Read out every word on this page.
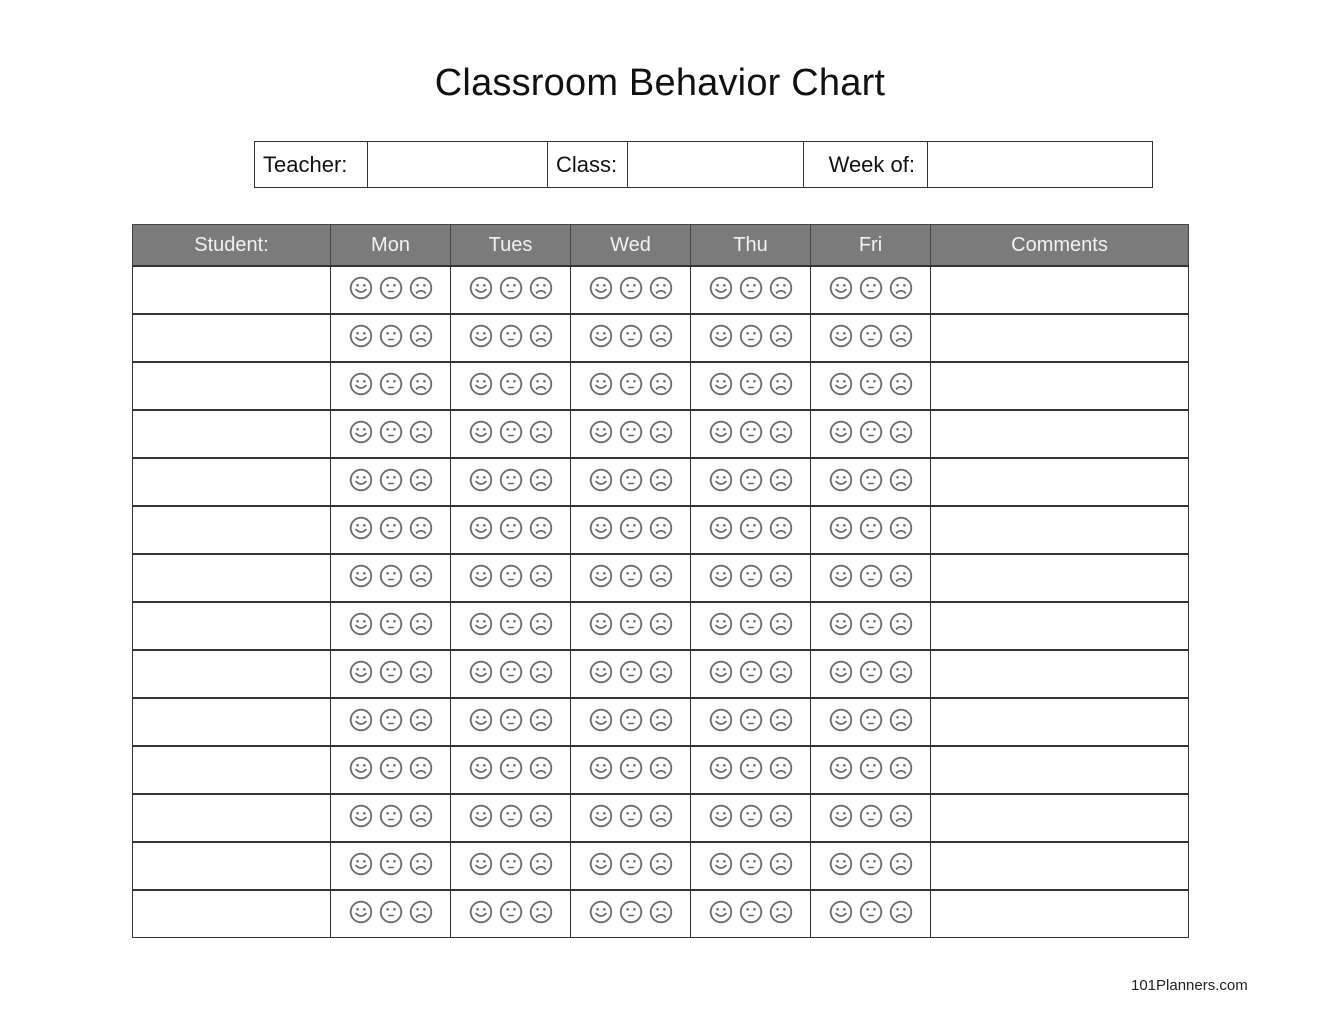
Classroom Behavior Chart
Teacher:	Class:	Week of:
Student:	Mon	Tues	Wed	Thu	Fri	Comments

101Planners.com
